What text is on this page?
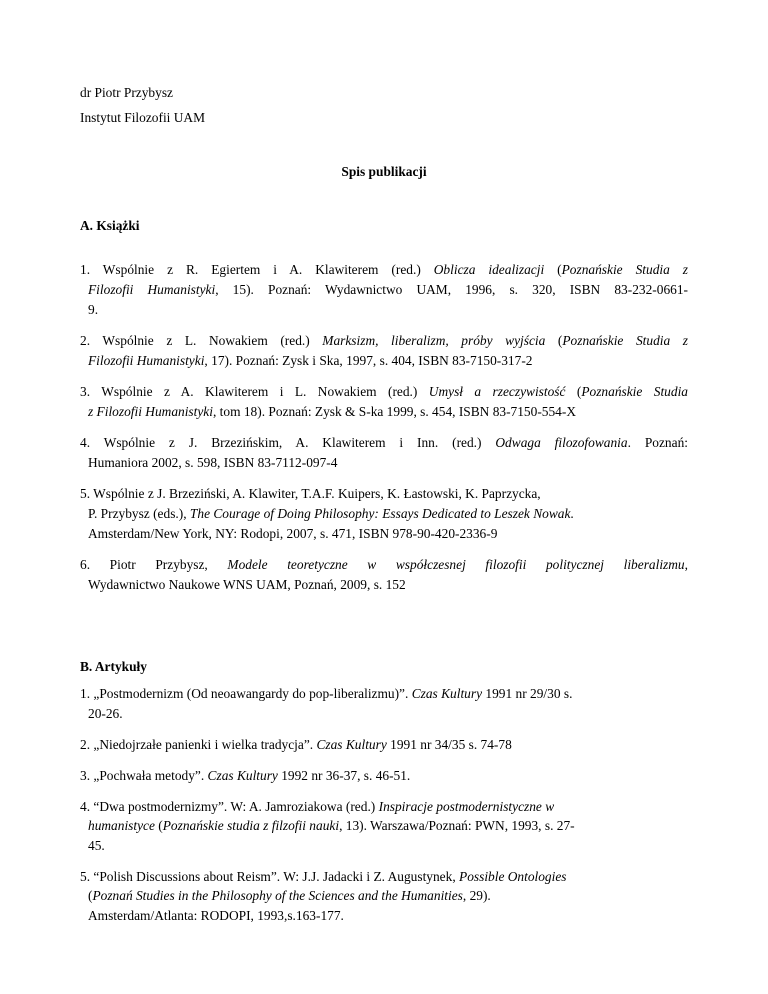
dr Piotr Przybysz
Instytut Filozofii UAM
Spis publikacji
A. Książki
1. Wspólnie z R. Egiertem i A. Klawiterem (red.) Oblicza idealizacji (Poznańskie Studia z
Filozofii Humanistyki, 15). Poznań: Wydawnictwo UAM, 1996, s. 320, ISBN 83-232-0661-
9.
2. Wspólnie z L. Nowakiem (red.) Marksizm, liberalizm, próby wyjścia (Poznańskie Studia z
Filozofii Humanistyki, 17). Poznań: Zysk i Ska, 1997, s. 404, ISBN 83-7150-317-2
3. Wspólnie z A. Klawiterem i L. Nowakiem (red.) Umysł a rzeczywistość (Poznańskie Studia
z Filozofii Humanistyki, tom 18). Poznań: Zysk & S-ka 1999, s. 454, ISBN 83-7150-554-X
4. Wspólnie z J. Brzezińskim, A. Klawiterem i Inn. (red.) Odwaga filozofowania. Poznań:
Humaniora 2002, s. 598, ISBN 83-7112-097-4
5. Wspólnie z J. Brzeziński, A. Klawiter, T.A.F. Kuipers, K. Łastowski, K. Paprzycka,
P. Przybysz (eds.), The Courage of Doing Philosophy: Essays Dedicated to Leszek Nowak.
Amsterdam/New York, NY: Rodopi, 2007, s. 471, ISBN 978-90-420-2336-9
6. Piotr Przybysz, Modele teoretyczne w współczesnej filozofii politycznej liberalizmu,
Wydawnictwo Naukowe WNS UAM, Poznań, 2009, s. 152
B. Artykuły
1. „Postmodernizm (Od neoawangardy do pop-liberalizmu)”. Czas Kultury 1991 nr 29/30 s.
20-26.
2. „Niedojrzałe panienki i wielka tradycja”. Czas Kultury 1991 nr 34/35 s. 74-78
3. „Pochwała metody”. Czas Kultury 1992 nr 36-37, s. 46-51.
4. “Dwa postmodernizmy”. W: A. Jamroziakowa (red.) Inspiracje postmodernistyczne w
humanistyce (Poznańskie studia z filzofii nauki, 13). Warszawa/Poznań: PWN, 1993, s. 27-
45.
5. “Polish Discussions about Reism”. W: J.J. Jadacki i Z. Augustynek, Possible Ontologies
(Poznań Studies in the Philosophy of the Sciences and the Humanities, 29).
Amsterdam/Atlanta: RODOPI, 1993,s.163-177.
